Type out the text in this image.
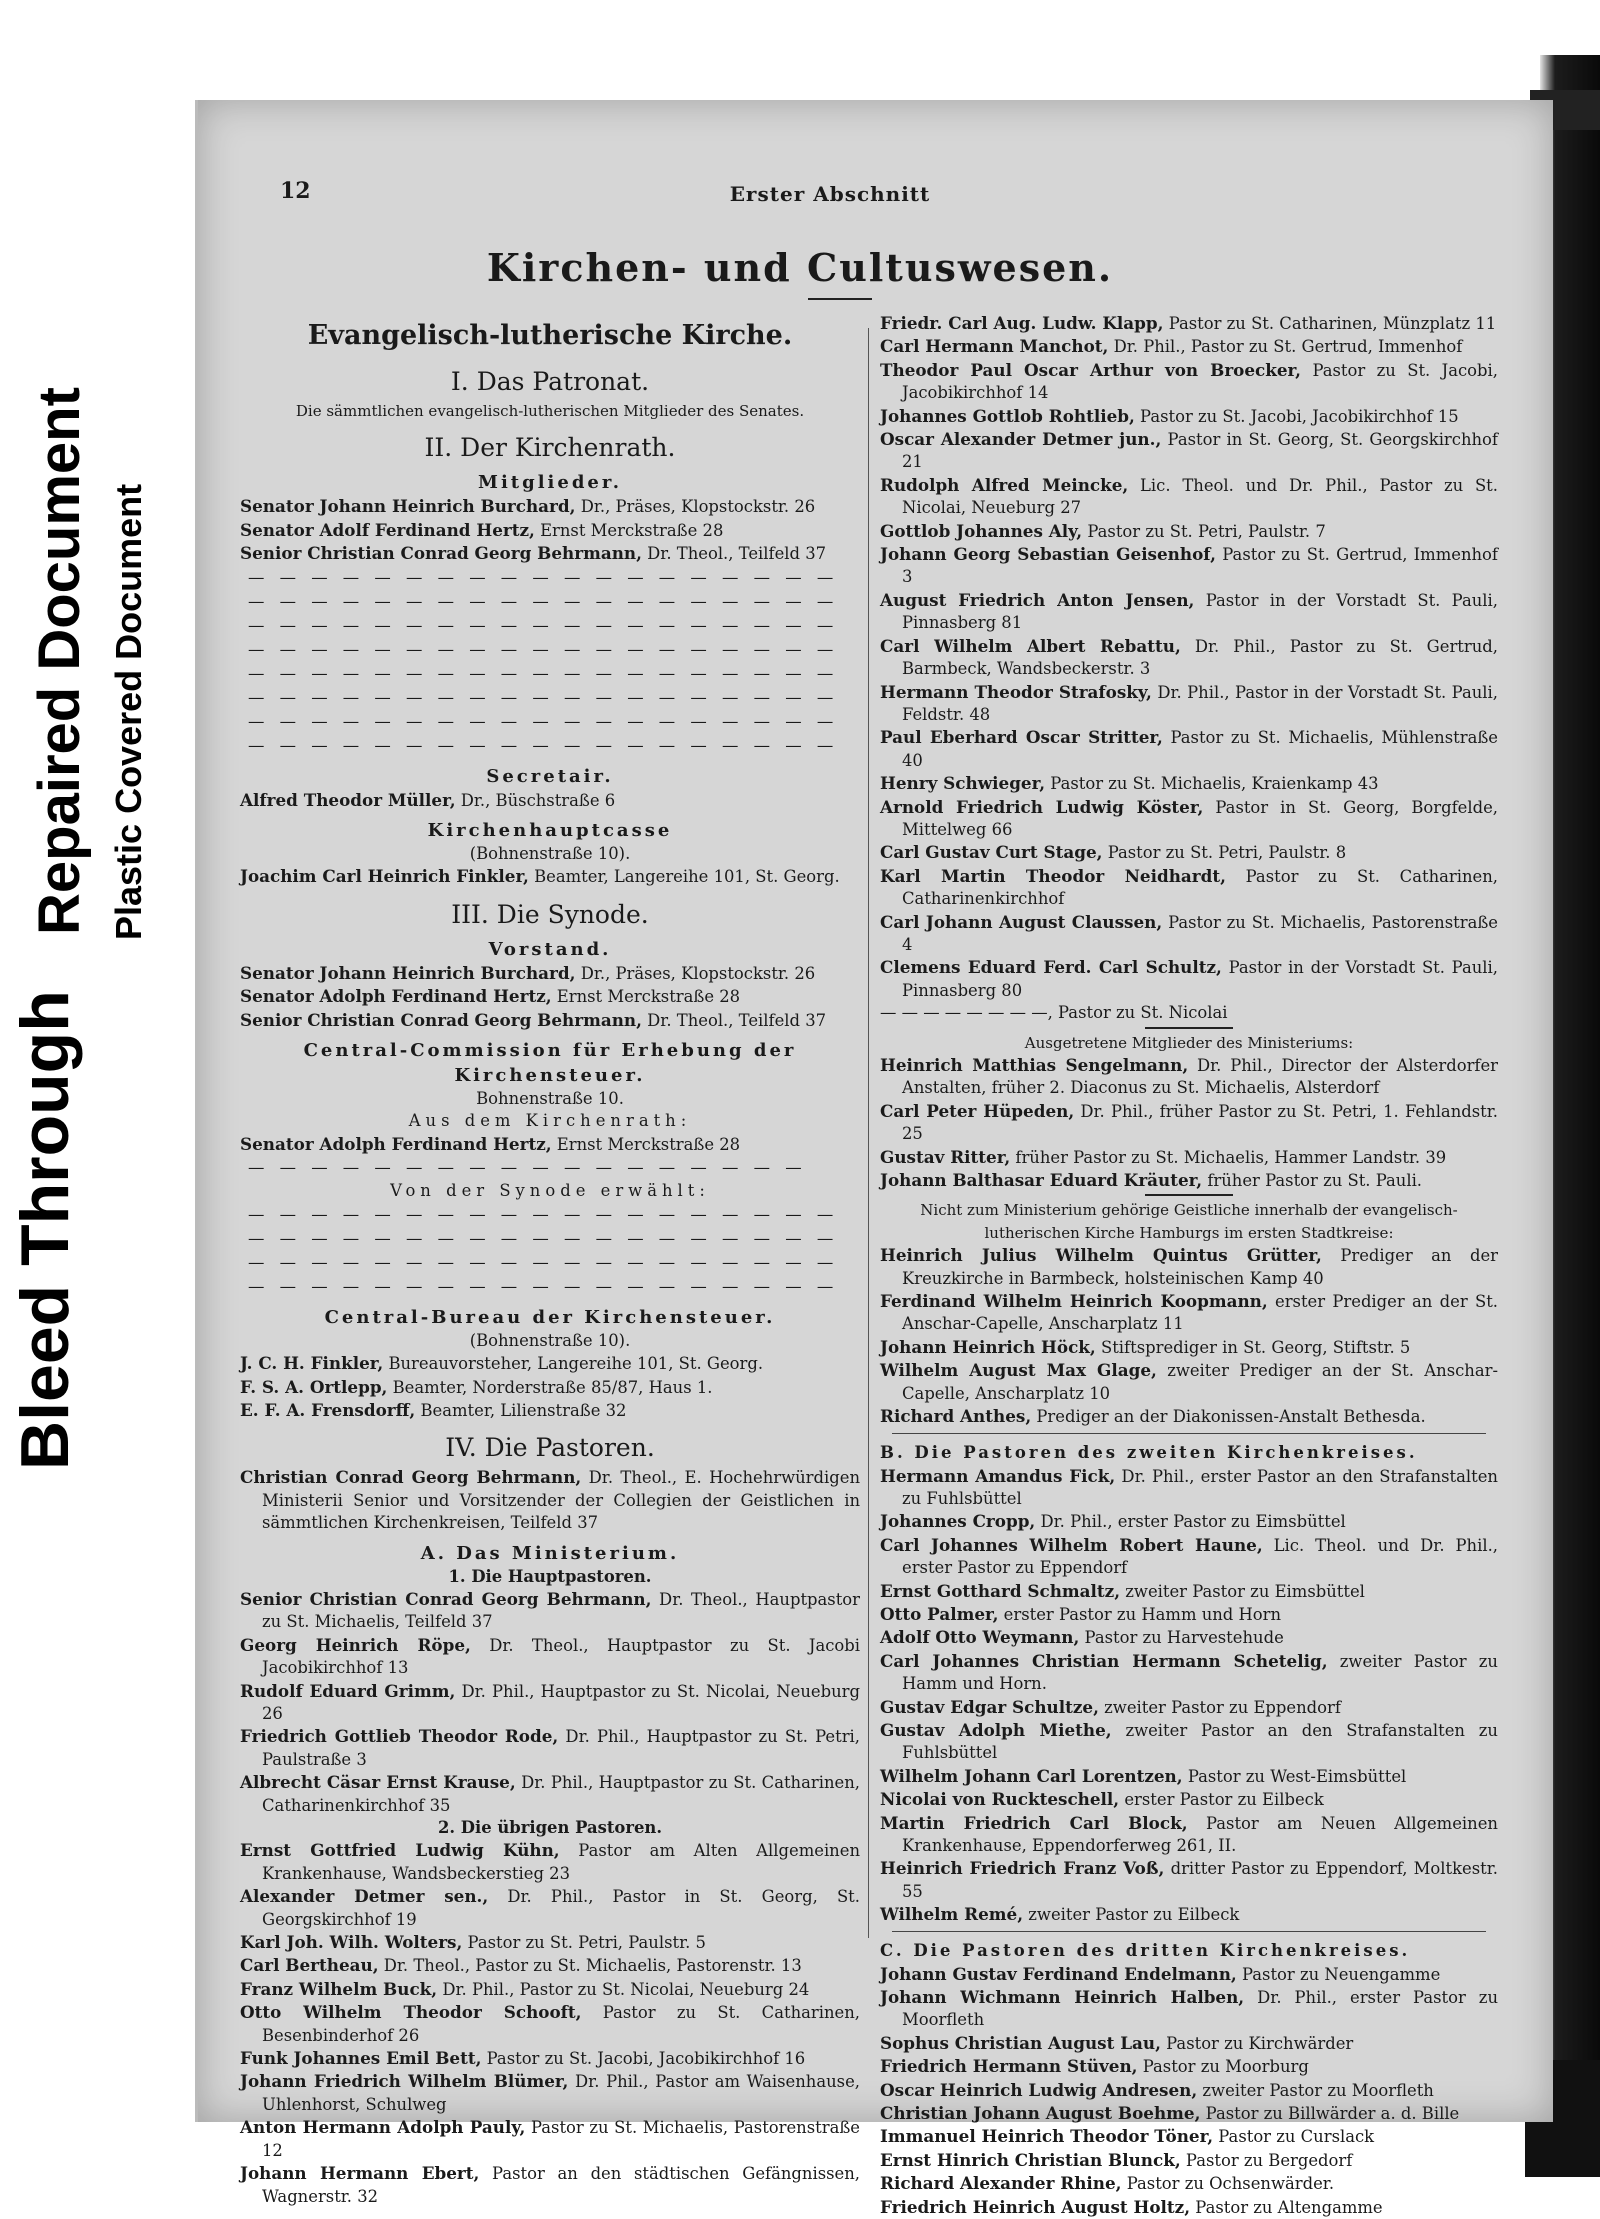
Bleed Through
Repaired Document Plastic Covered Document
12	Erster Abschnitt
Kirchen- und Cultuswesen.
Evangelisch-lutherische Kirche.
I. Das Patronat.
Die sämmtlichen evangelisch-lutherischen Mitglieder des Senates.
II. Der Kirchenrath.
Mitglieder.
Senator Johann Heinrich Burchard, Dr., Präses, Klopstockstr. 26
Senator Adolf Ferdinand Hertz, Ernst Merckstraße 28
Senior Christian Conrad Georg Behrmann, Dr. Theol., Teilfeld 37
— — — — — — — — — — — — — — — — — — —
— — — — — — — — — — — — — — — — — — —
— — — — — — — — — — — — — — — — — — —
— — — — — — — — — — — — — — — — — — —
— — — — — — — — — — — — — — — — — — —
— — — — — — — — — — — — — — — — — — —
— — — — — — — — — — — — — — — — — — —
— — — — — — — — — — — — — — — — — — —
Secretair.
Alfred Theodor Müller, Dr., Büschstraße 6
Kirchenhauptcasse
(Bohnenstraße 10).
Joachim Carl Heinrich Finkler, Beamter, Langereihe 101, St. Georg.
III. Die Synode.
Vorstand.
Senator Johann Heinrich Burchard, Dr., Präses, Klopstockstr. 26
Senator Adolph Ferdinand Hertz, Ernst Merckstraße 28
Senior Christian Conrad Georg Behrmann, Dr. Theol., Teilfeld 37
Central-Commission für Erhebung der Kirchensteuer.
Bohnenstraße 10.
Aus dem Kirchenrath:
Senator Adolph Ferdinand Hertz, Ernst Merckstraße 28
— — — — — — — — — — — — — — — — — —
Von der Synode erwählt:
— — — — — — — — — — — — — — — — — — —
— — — — — — — — — — — — — — — — — — —
— — — — — — — — — — — — — — — — — — —
— — — — — — — — — — — — — — — — — — —
Central-Bureau der Kirchensteuer.
(Bohnenstraße 10).
J. C. H. Finkler, Bureauvorsteher, Langereihe 101, St. Georg.
F. S. A. Ortlepp, Beamter, Norderstraße 85/87, Haus 1.
E. F. A. Frensdorff, Beamter, Lilienstraße 32
IV. Die Pastoren.
Christian Conrad Georg Behrmann, Dr. Theol., E. Hochehrwürdigen Ministerii Senior und Vorsitzender der Collegien der Geistlichen in sämmtlichen Kirchenkreisen, Teilfeld 37
A. Das Ministerium.
1. Die Hauptpastoren.
Senior Christian Conrad Georg Behrmann, Dr. Theol., Hauptpastor zu St. Michaelis, Teilfeld 37
Georg Heinrich Röpe, Dr. Theol., Hauptpastor zu St. Jacobi Jacobikirchhof 13
Rudolf Eduard Grimm, Dr. Phil., Hauptpastor zu St. Nicolai, Neueburg 26
Friedrich Gottlieb Theodor Rode, Dr. Phil., Hauptpastor zu St. Petri, Paulstraße 3
Albrecht Cäsar Ernst Krause, Dr. Phil., Hauptpastor zu St. Catharinen, Catharinenkirchhof 35
2. Die übrigen Pastoren.
Ernst Gottfried Ludwig Kühn, Pastor am Alten Allgemeinen Krankenhause, Wandsbeckerstieg 23
Alexander Detmer sen., Dr. Phil., Pastor in St. Georg, St. Georgskirchhof 19
Karl Joh. Wilh. Wolters, Pastor zu St. Petri, Paulstr. 5
Carl Bertheau, Dr. Theol., Pastor zu St. Michaelis, Pastorenstr. 13
Franz Wilhelm Buck, Dr. Phil., Pastor zu St. Nicolai, Neueburg 24
Otto Wilhelm Theodor Schooft, Pastor zu St. Catharinen, Besenbinderhof 26
Funk Johannes Emil Bett, Pastor zu St. Jacobi, Jacobikirchhof 16
Johann Friedrich Wilhelm Blümer, Dr. Phil., Pastor am Waisenhause, Uhlenhorst, Schulweg
Anton Hermann Adolph Pauly, Pastor zu St. Michaelis, Pastorenstraße 12
Johann Hermann Ebert, Pastor an den städtischen Gefängnissen, Wagnerstr. 32
Friedr. Carl Aug. Ludw. Klapp, Pastor zu St. Catharinen, Münzplatz 11
Carl Hermann Manchot, Dr. Phil., Pastor zu St. Gertrud, Immenhof
Theodor Paul Oscar Arthur von Broecker, Pastor zu St. Jacobi, Jacobikirchhof 14
Johannes Gottlob Rohtlieb, Pastor zu St. Jacobi, Jacobikirchhof 15
Oscar Alexander Detmer jun., Pastor in St. Georg, St. Georgskirchhof 21
Rudolph Alfred Meincke, Lic. Theol. und Dr. Phil., Pastor zu St. Nicolai, Neueburg 27
Gottlob Johannes Aly, Pastor zu St. Petri, Paulstr. 7
Johann Georg Sebastian Geisenhof, Pastor zu St. Gertrud, Immenhof 3
August Friedrich Anton Jensen, Pastor in der Vorstadt St. Pauli, Pinnasberg 81
Carl Wilhelm Albert Rebattu, Dr. Phil., Pastor zu St. Gertrud, Barmbeck, Wandsbeckerstr. 3
Hermann Theodor Strafosky, Dr. Phil., Pastor in der Vorstadt St. Pauli, Feldstr. 48
Paul Eberhard Oscar Stritter, Pastor zu St. Michaelis, Mühlenstraße 40
Henry Schwieger, Pastor zu St. Michaelis, Kraienkamp 43
Arnold Friedrich Ludwig Köster, Pastor in St. Georg, Borgfelde, Mittelweg 66
Carl Gustav Curt Stage, Pastor zu St. Petri, Paulstr. 8
Karl Martin Theodor Neidhardt, Pastor zu St. Catharinen, Catharinenkirchhof
Carl Johann August Claussen, Pastor zu St. Michaelis, Pastorenstraße 4
Clemens Eduard Ferd. Carl Schultz, Pastor in der Vorstadt St. Pauli, Pinnasberg 80
— — — — — — — —, Pastor zu St. Nicolai
Ausgetretene Mitglieder des Ministeriums:
Heinrich Matthias Sengelmann, Dr. Phil., Director der Alsterdorfer Anstalten, früher 2. Diaconus zu St. Michaelis, Alsterdorf
Carl Peter Hüpeden, Dr. Phil., früher Pastor zu St. Petri, 1. Fehlandstr. 25
Gustav Ritter, früher Pastor zu St. Michaelis, Hammer Landstr. 39
Johann Balthasar Eduard Kräuter, früher Pastor zu St. Pauli.
Nicht zum Ministerium gehörige Geistliche innerhalb der evangelisch-lutherischen Kirche Hamburgs im ersten Stadtkreise:
Heinrich Julius Wilhelm Quintus Grütter, Prediger an der Kreuzkirche in Barmbeck, holsteinischen Kamp 40
Ferdinand Wilhelm Heinrich Koopmann, erster Prediger an der St. Anschar-Capelle, Anscharplatz 11
Johann Heinrich Höck, Stiftsprediger in St. Georg, Stiftstr. 5
Wilhelm August Max Glage, zweiter Prediger an der St. Anschar-Capelle, Anscharplatz 10
Richard Anthes, Prediger an der Diakonissen-Anstalt Bethesda.
B. Die Pastoren des zweiten Kirchenkreises.
Hermann Amandus Fick, Dr. Phil., erster Pastor an den Strafanstalten zu Fuhlsbüttel
Johannes Cropp, Dr. Phil., erster Pastor zu Eimsbüttel
Carl Johannes Wilhelm Robert Haune, Lic. Theol. und Dr. Phil., erster Pastor zu Eppendorf
Ernst Gotthard Schmaltz, zweiter Pastor zu Eimsbüttel
Otto Palmer, erster Pastor zu Hamm und Horn
Adolf Otto Weymann, Pastor zu Harvestehude
Carl Johannes Christian Hermann Schetelig, zweiter Pastor zu Hamm und Horn.
Gustav Edgar Schultze, zweiter Pastor zu Eppendorf
Gustav Adolph Miethe, zweiter Pastor an den Strafanstalten zu Fuhlsbüttel
Wilhelm Johann Carl Lorentzen, Pastor zu West-Eimsbüttel
Nicolai von Ruckteschell, erster Pastor zu Eilbeck
Martin Friedrich Carl Block, Pastor am Neuen Allgemeinen Krankenhause, Eppendorferweg 261, II.
Heinrich Friedrich Franz Voß, dritter Pastor zu Eppendorf, Moltkestr. 55
Wilhelm Remé, zweiter Pastor zu Eilbeck
C. Die Pastoren des dritten Kirchenkreises.
Johann Gustav Ferdinand Endelmann, Pastor zu Neuengamme
Johann Wichmann Heinrich Halben, Dr. Phil., erster Pastor zu Moorfleth
Sophus Christian August Lau, Pastor zu Kirchwärder
Friedrich Hermann Stüven, Pastor zu Moorburg
Oscar Heinrich Ludwig Andresen, zweiter Pastor zu Moorfleth
Christian Johann August Boehme, Pastor zu Billwärder a. d. Bille
Immanuel Heinrich Theodor Töner, Pastor zu Curslack
Ernst Hinrich Christian Blunck, Pastor zu Bergedorf
Richard Alexander Rhine, Pastor zu Ochsenwärder.
Friedrich Heinrich August Holtz, Pastor zu Altengamme
